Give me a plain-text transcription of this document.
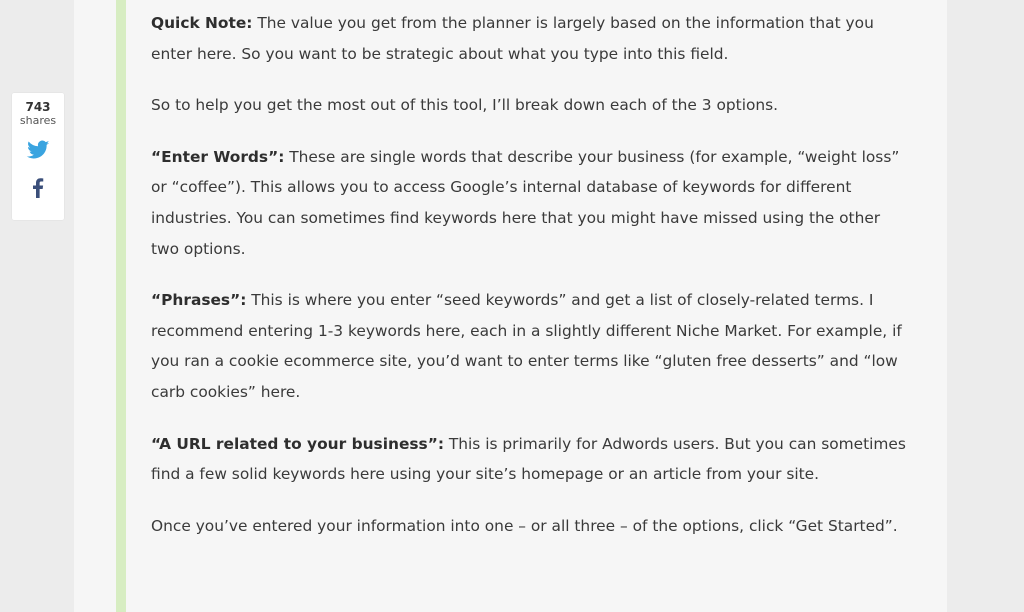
743
shares

Quick Note: The value you get from the planner is largely based on the information that you enter here. So you want to be strategic about what you type into this field.

So to help you get the most out of this tool, I’ll break down each of the 3 options.

“Enter Words”: These are single words that describe your business (for example, “weight loss” or “coffee”). This allows you to access Google’s internal database of keywords for different industries. You can sometimes find keywords here that you might have missed using the other two options.

“Phrases”: This is where you enter “seed keywords” and get a list of closely-related terms. I recommend entering 1-3 keywords here, each in a slightly different Niche Market. For example, if you ran a cookie ecommerce site, you’d want to enter terms like “gluten free desserts” and “low carb cookies” here.

“A URL related to your business”: This is primarily for Adwords users. But you can sometimes find a few solid keywords here using your site’s homepage or an article from your site.

Once you’ve entered your information into one – or all three – of the options, click “Get Started”.
